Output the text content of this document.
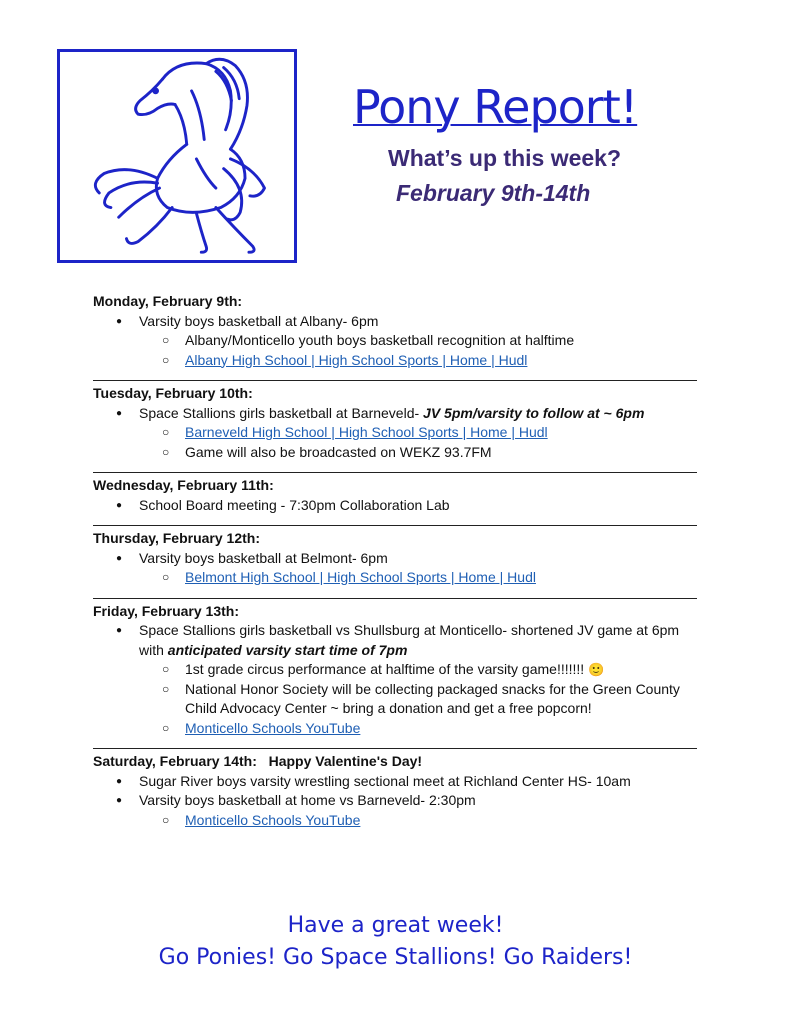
Pony Report!

What’s up this week?

February 9th-14th

Monday, February 9th:

● Varsity boys basketball at Albany- 6pm
○ Albany/Monticello youth boys basketball recognition at halftime
○ Albany High School | High School Sports | Home | Hudl

Tuesday, February 10th:

● Space Stallions girls basketball at Barneveld- JV 5pm/varsity to follow at ~ 6pm
○ Barneveld High School | High School Sports | Home | Hudl
○ Game will also be broadcasted on WEKZ 93.7FM

Wednesday, February 11th:

● School Board meeting - 7:30pm Collaboration Lab

Thursday, February 12th:

● Varsity boys basketball at Belmont- 6pm
○ Belmont High School | High School Sports | Home | Hudl

Friday, February 13th:

● Space Stallions girls basketball vs Shullsburg at Monticello- shortened JV game at 6pm with anticipated varsity start time of 7pm
○ 1st grade circus performance at halftime of the varsity game!!!!!!! 🙂
○ National Honor Society will be collecting packaged snacks for the Green County Child Advocacy Center ~ bring a donation and get a free popcorn!
○ Monticello Schools YouTube

Saturday, February 14th: Happy Valentine's Day!

● Sugar River boys varsity wrestling sectional meet at Richland Center HS- 10am
● Varsity boys basketball at home vs Barneveld- 2:30pm
○ Monticello Schools YouTube

Have a great week!

Go Ponies! Go Space Stallions! Go Raiders!
